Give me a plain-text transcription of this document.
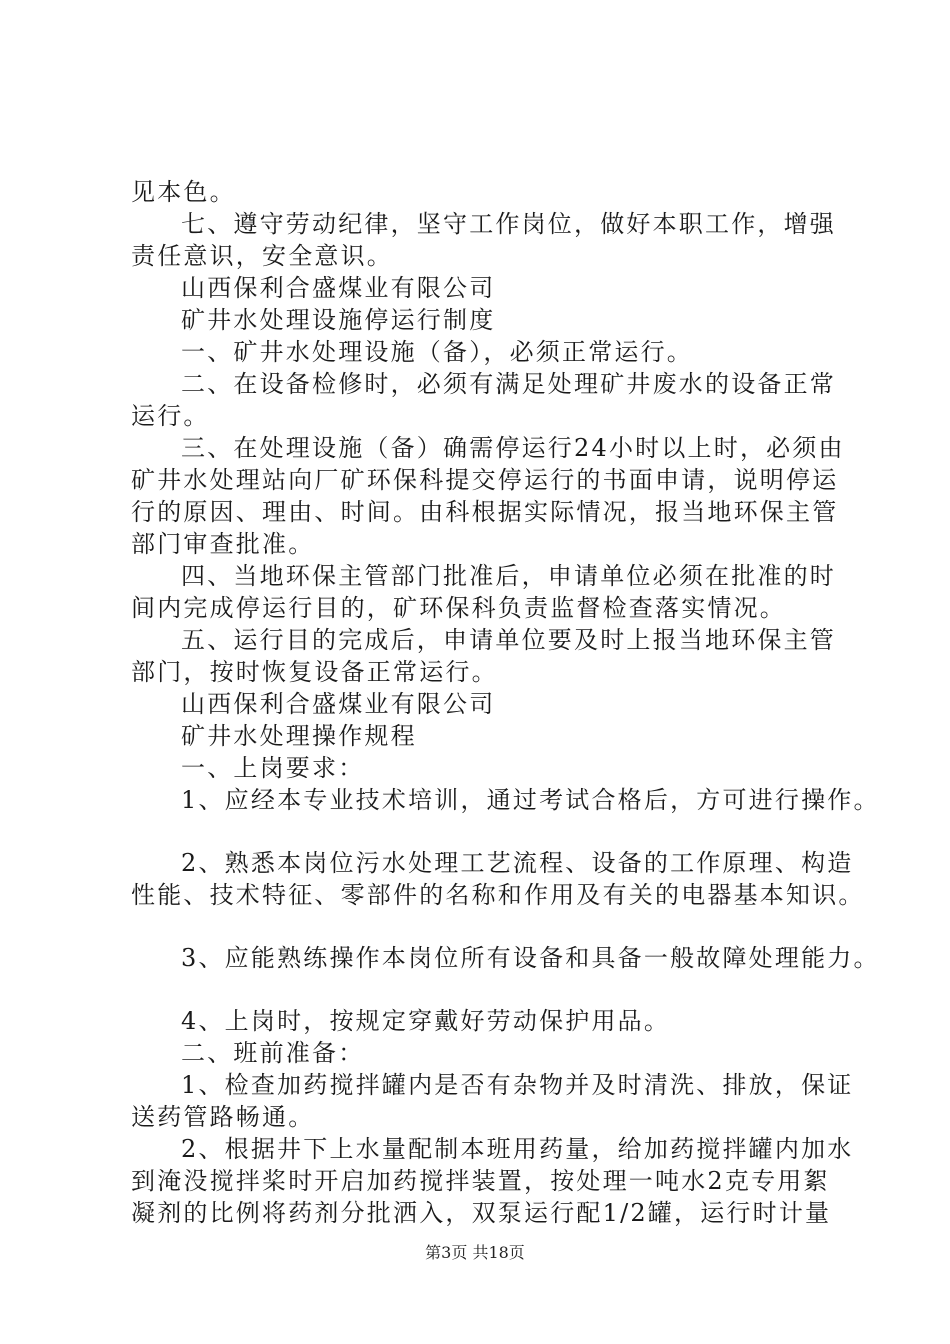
见本色。
七、遵守劳动纪律，坚守工作岗位，做好本职工作，增强
责任意识，安全意识。
山西保利合盛煤业有限公司
矿井水处理设施停运行制度
一、矿井水处理设施（备），必须正常运行。
二、在设备检修时，必须有满足处理矿井废水的设备正常
运行。
三、在处理设施（备）确需停运行24小时以上时，必须由
矿井水处理站向厂矿环保科提交停运行的书面申请，说明停运
行的原因、理由、时间。由科根据实际情况，报当地环保主管
部门审查批准。
四、当地环保主管部门批准后，申请单位必须在批准的时
间内完成停运行目的，矿环保科负责监督检查落实情况。
五、运行目的完成后，申请单位要及时上报当地环保主管
部门，按时恢复设备正常运行。
山西保利合盛煤业有限公司
矿井水处理操作规程
一、上岗要求：
1、应经本专业技术培训，通过考试合格后，方可进行操作。
2、熟悉本岗位污水处理工艺流程、设备的工作原理、构造
性能、技术特征、零部件的名称和作用及有关的电器基本知识。
3、应能熟练操作本岗位所有设备和具备一般故障处理能力。
4、上岗时，按规定穿戴好劳动保护用品。
二、班前准备：
1、检查加药搅拌罐内是否有杂物并及时清洗、排放，保证
送药管路畅通。
2、根据井下上水量配制本班用药量，给加药搅拌罐内加水
到淹没搅拌桨时开启加药搅拌装置，按处理一吨水2克专用絮
凝剂的比例将药剂分批洒入，双泵运行配1/2罐，运行时计量
第3页 共18页
